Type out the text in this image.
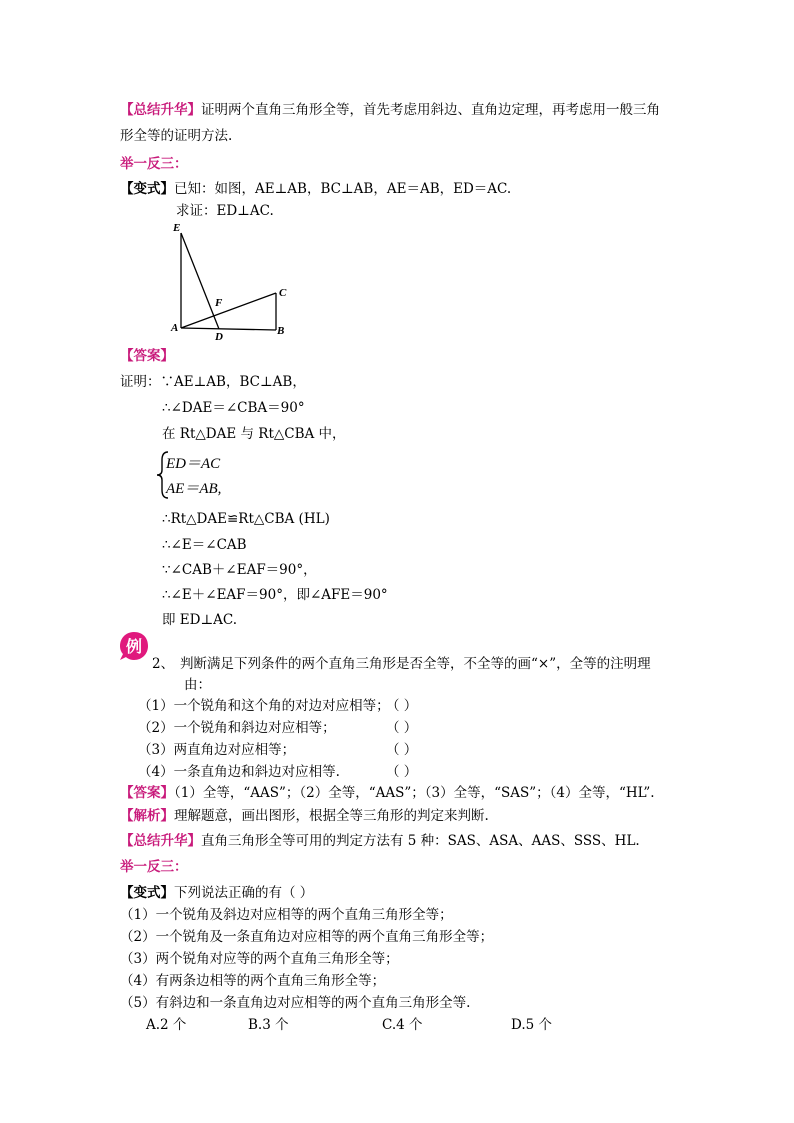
【总结升华】证明两个直角三角形全等，首先考虑用斜边、直角边定理，再考虑用一般三角
形全等的证明方法.
举一反三：
【变式】已知：如图，AE⊥AB，BC⊥AB，AE＝AB，ED＝AC.
求证：ED⊥AC.
E
F
C
A
D	B
【答案】
证明：∵AE⊥AB，BC⊥AB，
∴∠DAE＝∠CBA＝90°
在 Rt△DAE 与 Rt△CBA 中，
ED＝AC
AE＝AB,
∴Rt△DAE≌Rt△CBA (HL)
∴∠E＝∠CAB
∵∠CAB＋∠EAF＝90°，
∴∠E＋∠EAF＝90°，即∠AFE＝90°
即 ED⊥AC.
例
2、 判断满足下列条件的两个直角三角形是否全等，不全等的画“×”，全等的注明理
由：
（1）一个锐角和这个角的对边对应相等；
（ ）
（2）一个锐角和斜边对应相等；	（ ）
（3）两直角边对应相等；	（ ）
（4）一条直角边和斜边对应相等.	（ ）
【答案】（1）全等，“AAS”；（2）全等，“AAS”；（3）全等，“SAS”；（4）全等，“HL”.
【解析】理解题意，画出图形，根据全等三角形的判定来判断.
【总结升华】直角三角形全等可用的判定方法有 5 种：SAS、ASA、AAS、SSS、HL.
举一反三：
【变式】下列说法正确的有（ ）
（1）一个锐角及斜边对应相等的两个直角三角形全等；
（2）一个锐角及一条直角边对应相等的两个直角三角形全等；
（3）两个锐角对应等的两个直角三角形全等；
（4）有两条边相等的两个直角三角形全等；
（5）有斜边和一条直角边对应相等的两个直角三角形全等.
A.2 个	B.3 个	C.4 个	D.5 个
